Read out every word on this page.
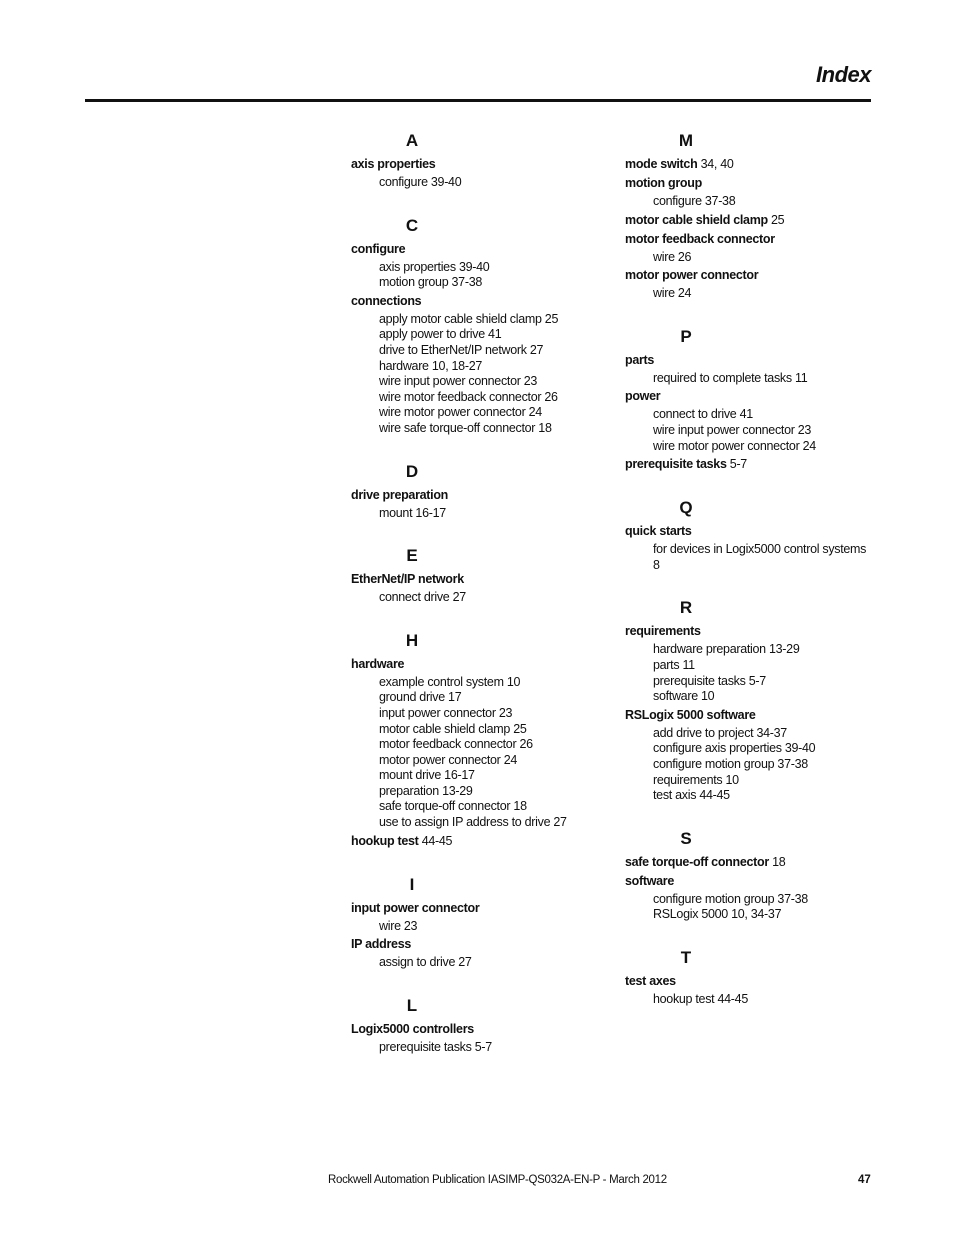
Index
A
axis properties
configure 39-40
C
configure
axis properties 39-40
motion group 37-38
connections
apply motor cable shield clamp 25
apply power to drive 41
drive to EtherNet/IP network 27
hardware 10, 18-27
wire input power connector 23
wire motor feedback connector 26
wire motor power connector 24
wire safe torque-off connector 18
D
drive preparation
mount 16-17
E
EtherNet/IP network
connect drive 27
H
hardware
example control system 10
ground drive 17
input power connector 23
motor cable shield clamp 25
motor feedback connector 26
motor power connector 24
mount drive 16-17
preparation 13-29
safe torque-off connector 18
use to assign IP address to drive 27
hookup test 44-45
I
input power connector
wire 23
IP address
assign to drive 27
L
Logix5000 controllers
prerequisite tasks 5-7
M
mode switch 34, 40
motion group
configure 37-38
motor cable shield clamp 25
motor feedback connector
wire 26
motor power connector
wire 24
P
parts
required to complete tasks 11
power
connect to drive 41
wire input power connector 23
wire motor power connector 24
prerequisite tasks 5-7
Q
quick starts
for devices in Logix5000 control systems 8
R
requirements
hardware preparation 13-29
parts 11
prerequisite tasks 5-7
software 10
RSLogix 5000 software
add drive to project 34-37
configure axis properties 39-40
configure motion group 37-38
requirements 10
test axis 44-45
S
safe torque-off connector 18
software
configure motion group 37-38
RSLogix 5000 10, 34-37
T
test axes
hookup test 44-45
Rockwell Automation Publication IASIMP-QS032A-EN-P - March 2012	47
